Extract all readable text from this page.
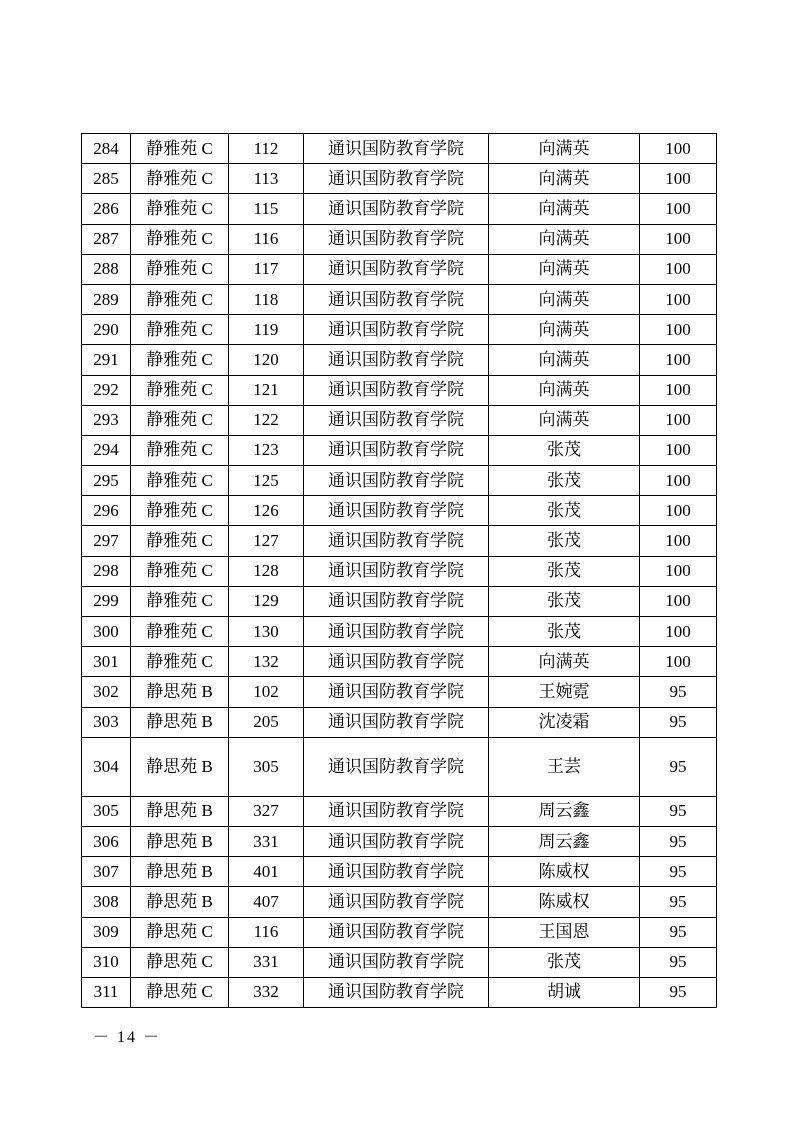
284	静雅苑 C	112	通识国防教育学院	向满英	100
285	静雅苑 C	113	通识国防教育学院	向满英	100
286	静雅苑 C	115	通识国防教育学院	向满英	100
287	静雅苑 C	116	通识国防教育学院	向满英	100
288	静雅苑 C	117	通识国防教育学院	向满英	100
289	静雅苑 C	118	通识国防教育学院	向满英	100
290	静雅苑 C	119	通识国防教育学院	向满英	100
291	静雅苑 C	120	通识国防教育学院	向满英	100
292	静雅苑 C	121	通识国防教育学院	向满英	100
293	静雅苑 C	122	通识国防教育学院	向满英	100
294	静雅苑 C	123	通识国防教育学院	张茂	100
295	静雅苑 C	125	通识国防教育学院	张茂	100
296	静雅苑 C	126	通识国防教育学院	张茂	100
297	静雅苑 C	127	通识国防教育学院	张茂	100
298	静雅苑 C	128	通识国防教育学院	张茂	100
299	静雅苑 C	129	通识国防教育学院	张茂	100
300	静雅苑 C	130	通识国防教育学院	张茂	100
301	静雅苑 C	132	通识国防教育学院	向满英	100
302	静思苑 B	102	通识国防教育学院	王婉霓	95
303	静思苑 B	205	通识国防教育学院	沈凌霜	95
304	静思苑 B	305	通识国防教育学院	王芸	95
305	静思苑 B	327	通识国防教育学院	周云鑫	95
306	静思苑 B	331	通识国防教育学院	周云鑫	95
307	静思苑 B	401	通识国防教育学院	陈威权	95
308	静思苑 B	407	通识国防教育学院	陈威权	95
309	静思苑 C	116	通识国防教育学院	王国恩	95
310	静思苑 C	331	通识国防教育学院	张茂	95
311	静思苑 C	332	通识国防教育学院	胡诚	95
－ 14 －
